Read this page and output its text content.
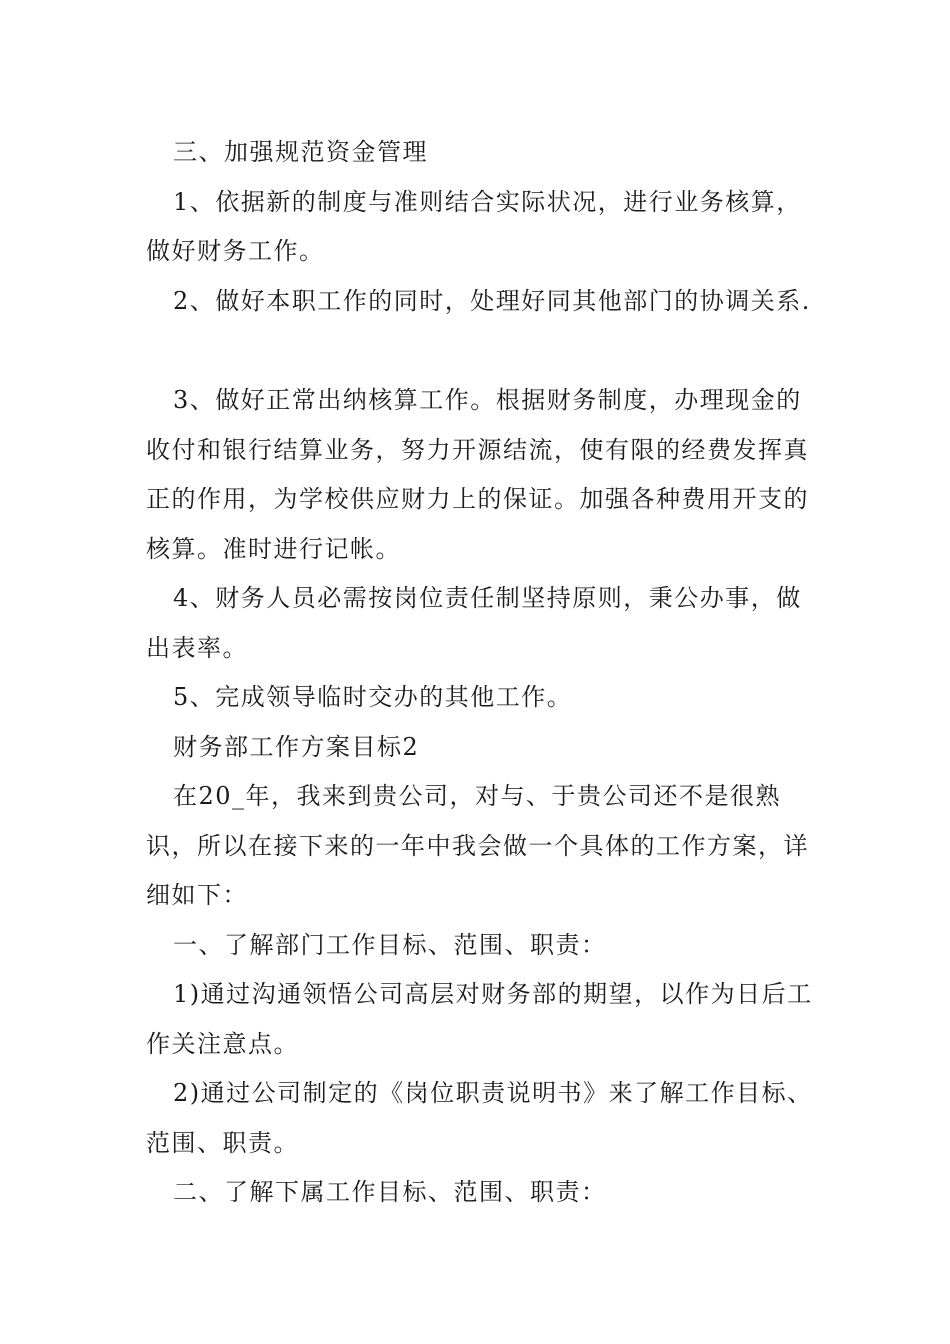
三、加强规范资金管理

1、依据新的制度与准则结合实际状况，进行业务核算，做好财务工作。

2、做好本职工作的同时，处理好同其他部门的协调关系.

3、做好正常出纳核算工作。根据财务制度，办理现金的收付和银行结算业务，努力开源结流，使有限的经费发挥真正的作用，为学校供应财力上的保证。加强各种费用开支的核算。准时进行记帐。

4、财务人员必需按岗位责任制坚持原则，秉公办事，做出表率。

5、完成领导临时交办的其他工作。

财务部工作方案目标2

在20_年，我来到贵公司，对与、于贵公司还不是很熟识，所以在接下来的一年中我会做一个具体的工作方案，详细如下：

一、了解部门工作目标、范围、职责：

1)通过沟通领悟公司高层对财务部的期望，以作为日后工作关注意点。

2)通过公司制定的《岗位职责说明书》来了解工作目标、范围、职责。

二、了解下属工作目标、范围、职责：
